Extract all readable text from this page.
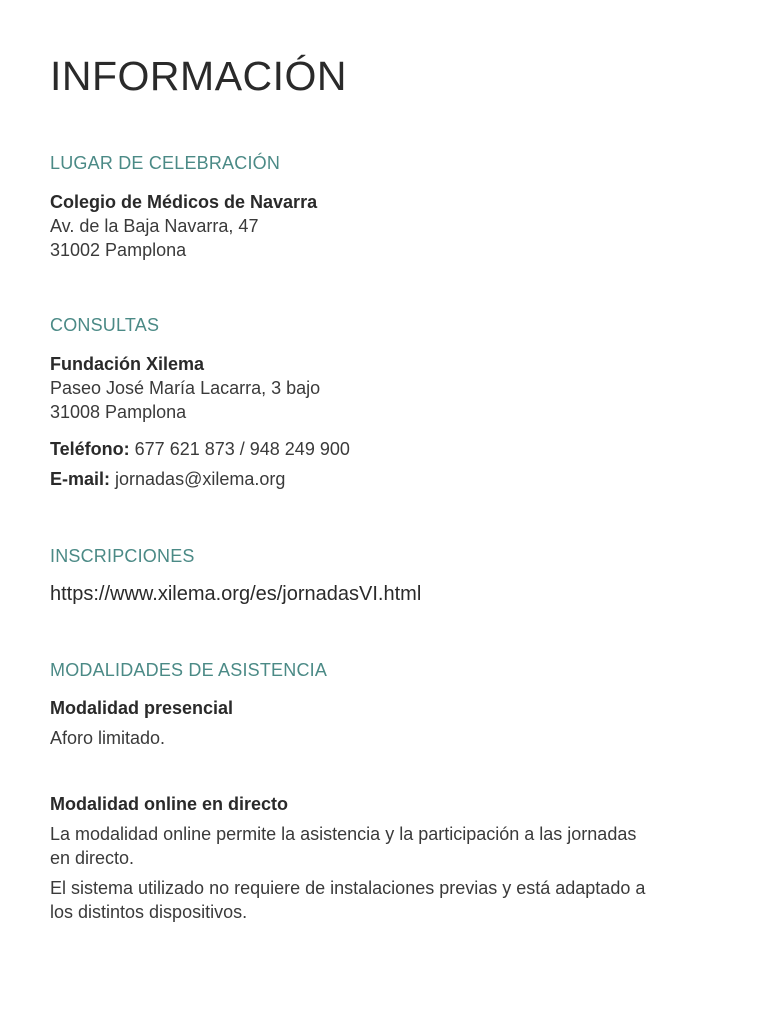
INFORMACIÓN

LUGAR DE CELEBRACIÓN

Colegio de Médicos de Navarra

Av. de la Baja Navarra, 47

31002 Pamplona

CONSULTAS

Fundación Xilema

Paseo José María Lacarra, 3 bajo

31008 Pamplona

Teléfono: 677 621 873 / 948 249 900

E-mail: jornadas@xilema.org

INSCRIPCIONES

https://www.xilema.org/es/jornadasVI.html

MODALIDADES DE ASISTENCIA

Modalidad presencial

Aforo limitado.

Modalidad online en directo

La modalidad online permite la asistencia y la participación a las jornadas en directo.

El sistema utilizado no requiere de instalaciones previas y está adaptado a los distintos dispositivos.
